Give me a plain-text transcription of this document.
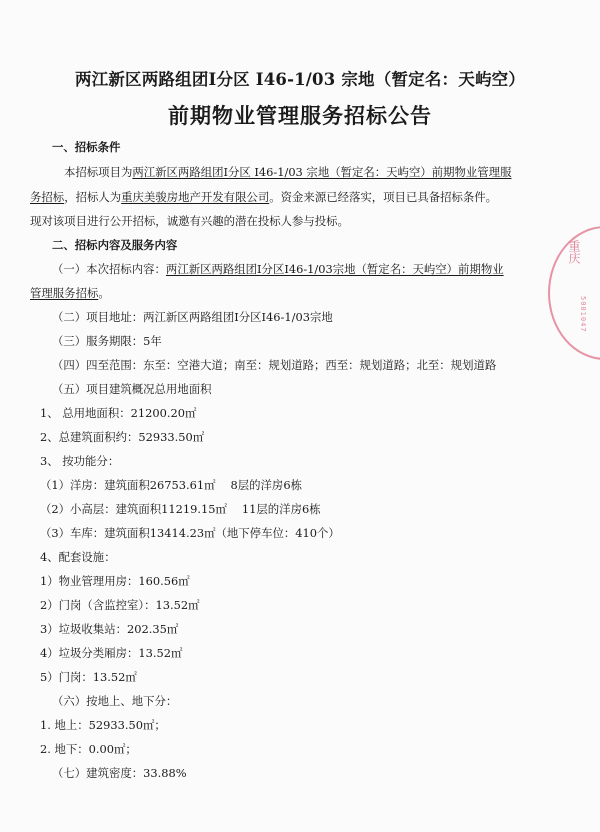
两江新区两路组团Ⅰ分区 I46-1/03 宗地（暂定名：天屿空）
前期物业管理服务招标公告
一、招标条件
本招标项目为两江新区两路组团Ⅰ分区 I46-1/03 宗地（暂定名：天屿空）前期物业管理服
务招标，招标人为重庆美骏房地产开发有限公司。资金来源已经落实，项目已具备招标条件。
现对该项目进行公开招标，诚邀有兴趣的潜在投标人参与投标。
二、招标内容及服务内容
（一）本次招标内容：两江新区两路组团Ⅰ分区I46-1/03宗地（暂定名：天屿空）前期物业
管理服务招标。
（二）项目地址：两江新区两路组团Ⅰ分区I46-1/03宗地
（三）服务期限：5年
（四）四至范围：东至：空港大道；南至：规划道路；西至：规划道路；北至：规划道路
（五）项目建筑概况总用地面积
1、 总用地面积：21200.20㎡
2、总建筑面积约：52933.50㎡
3、 按功能分：
（1）洋房：建筑面积26753.61㎡　 8层的洋房6栋
（2）小高层：建筑面积11219.15㎡　 11层的洋房6栋
（3）车库：建筑面积13414.23㎡（地下停车位：410个）
4、配套设施：
1）物业管理用房：160.56㎡
2）门岗（含监控室）：13.52㎡
3）垃圾收集站：202.35㎡
4）垃圾分类厢房：13.52㎡
5）门岗：13.52㎡
（六）按地上、地下分：
1. 地上：52933.50㎡；
2. 地下：0.00㎡；
（七）建筑密度：33.88%
重庆
5001047
